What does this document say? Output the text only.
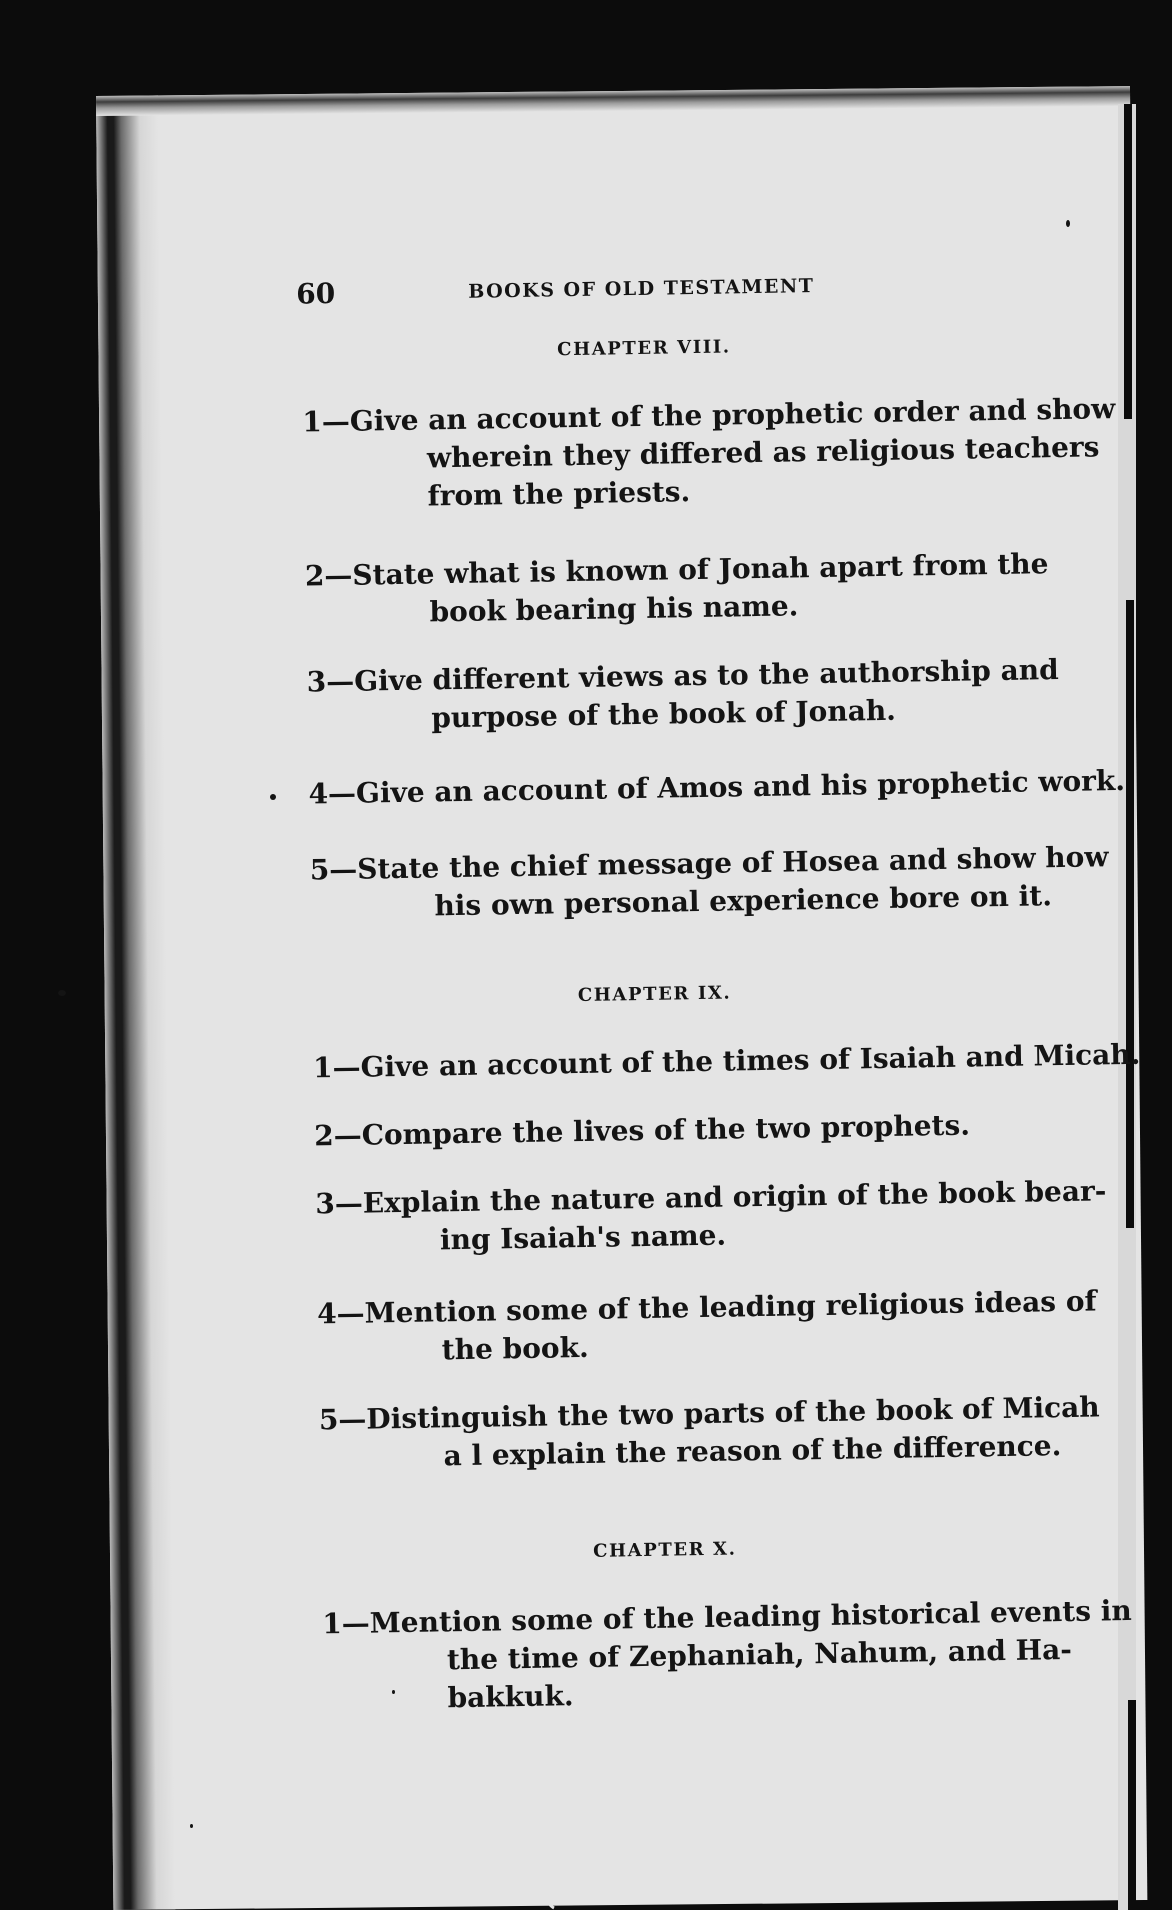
60	BOOKS OF OLD TESTAMENT
CHAPTER VIII.
1—Give an account of the prophetic order and show
wherein they differed as religious teachers
from the priests.
2—State what is known of Jonah apart from the
book bearing his name.
3—Give different views as to the authorship and
purpose of the book of Jonah.
4—Give an account of Amos and his prophetic work.
5—State the chief message of Hosea and show how
his own personal experience bore on it.
CHAPTER IX.
1—Give an account of the times of Isaiah and Micah.
2—Compare the lives of the two prophets.
3—Explain the nature and origin of the book bear-
ing Isaiah's name.
4—Mention some of the leading religious ideas of
the book.
5—Distinguish the two parts of the book of Micah
a l explain the reason of the difference.
CHAPTER X.
1—Mention some of the leading historical events in
the time of Zephaniah, Nahum, and Ha-
bakkuk.
